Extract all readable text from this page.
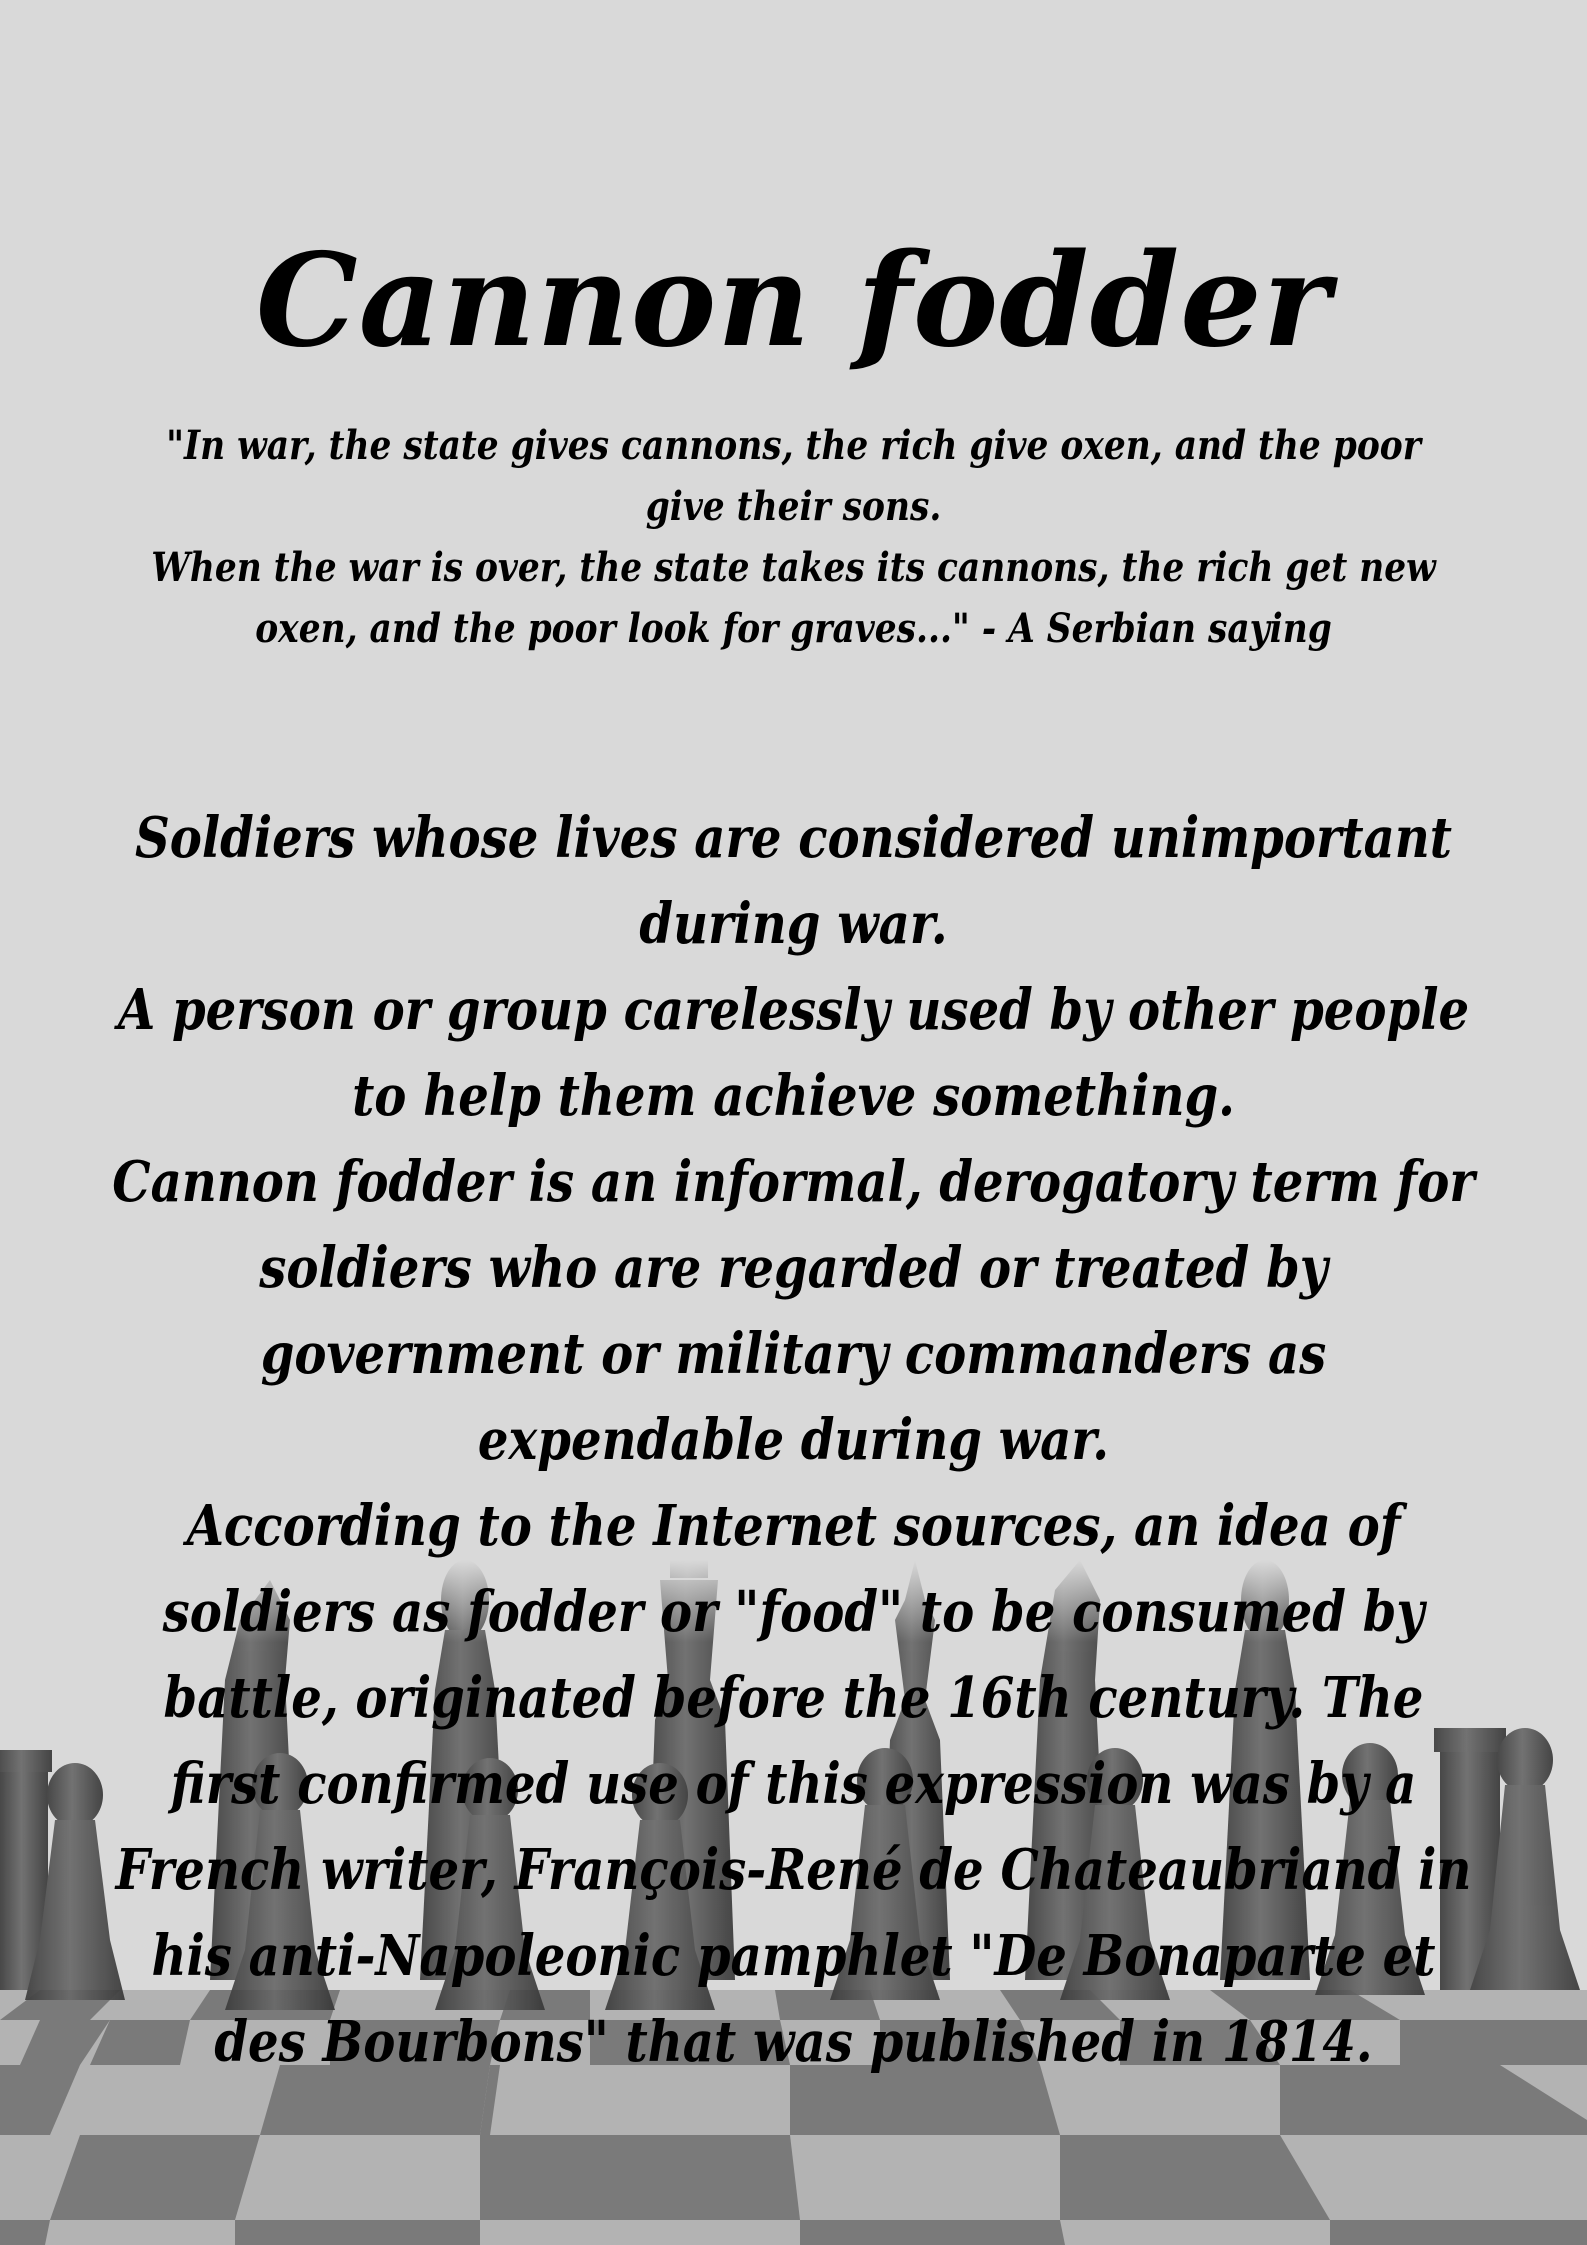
Cannon fodder

"In war, the state gives cannons, the rich give oxen, and the poor give their sons.

When the war is over, the state takes its cannons, the rich get new oxen, and the poor look for graves..." - A Serbian saying

Soldiers whose lives are considered unimportant during war.

A person or group carelessly used by other people to help them achieve something.

Cannon fodder is an informal, derogatory term for soldiers who are regarded or treated by government or military commanders as expendable during war.

According to the Internet sources, an idea of soldiers as fodder or "food" to be consumed by battle, originated before the 16th century. The first confirmed use of this expression was by a French writer, François-René de Chateaubriand in his anti-Napoleonic pamphlet "De Bonaparte et des Bourbons" that was published in 1814.
